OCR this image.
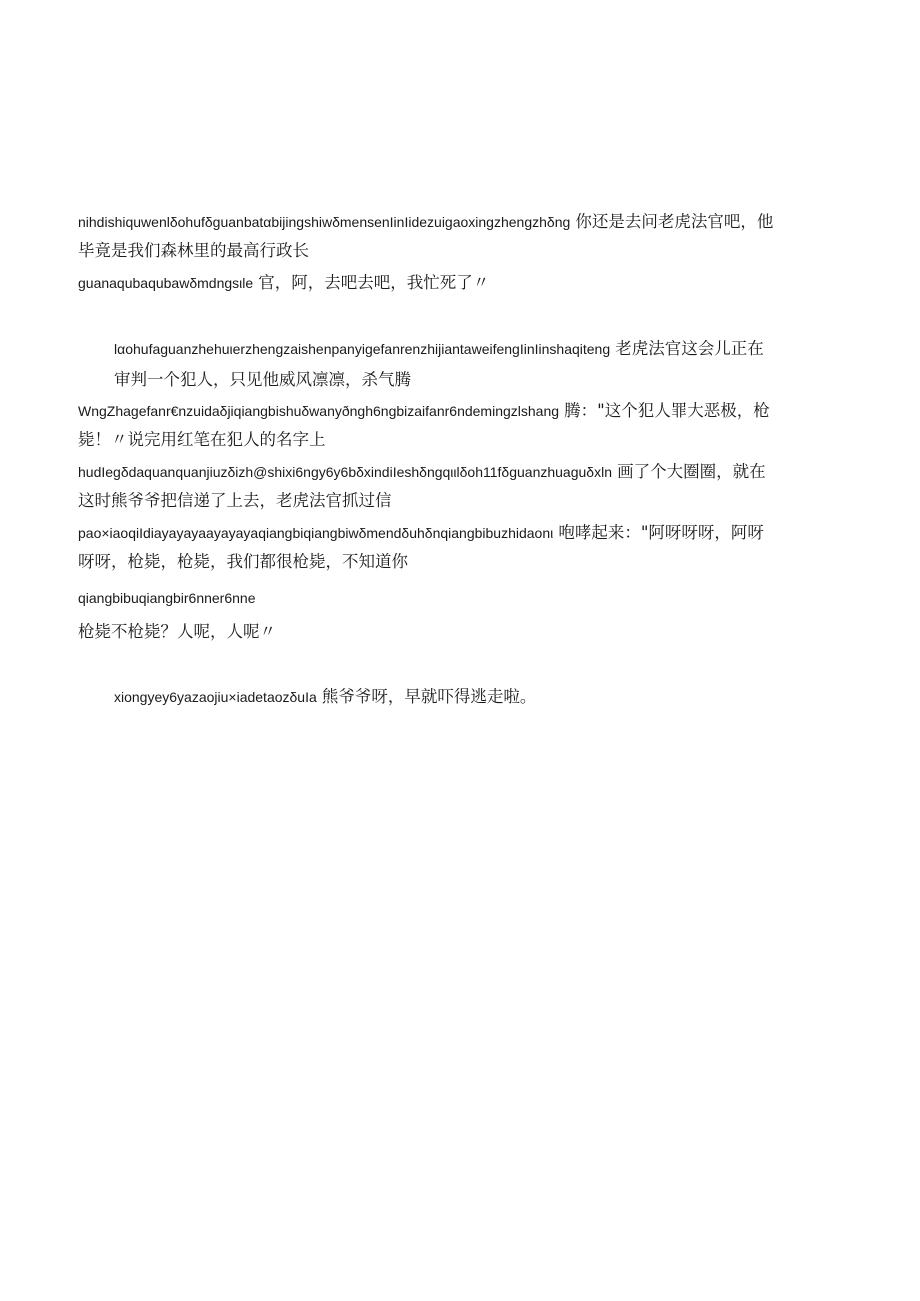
nihdishiquwenlδohufδguanbatαbijingshiwδmensenIinIidezuigaoxingzhengzhδng 你还是去问老虎法官吧，他
毕竟是我们森林里的最高行政长
guanaqubaqubawδmdngsιle 官，阿，去吧去吧，我忙死了〃
lαohufaguanzhehuιerzhengzaishenpanyigefanrenzhijiantaweifengIinIinshaqiteng 老虎法官这会儿正在
审判一个犯人，只见他威风凛凛，杀气腾
WngZhagefanr€nzuidaδjiqiangbishuδwanyðngh6ngbizaifanr6ndemingzlshang 腾："这个犯人罪大恶极，枪
毙！〃说完用红笔在犯人的名字上
hudIegδdaquanquanjiuzδizh@shixi6ngy6y6bδxindiIeshδngqιιlδoh11fδguanzhuaguδxln 画了个大圈圈，就在
这时熊爷爷把信递了上去，老虎法官抓过信
pao×iaoqiIdiayayayaayayayaqiangbiqiangbiwδmendδuhδnqiangbibuzhidaonι 咆哮起来："阿呀呀呀，阿呀
呀呀，枪毙，枪毙，我们都很枪毙，不知道你
qiangbibuqiangbir6nner6nne
枪毙不枪毙？人呢，人呢〃
xiongyey6yazaojiu×iadetaozδuIa 熊爷爷呀，早就吓得逃走啦。
